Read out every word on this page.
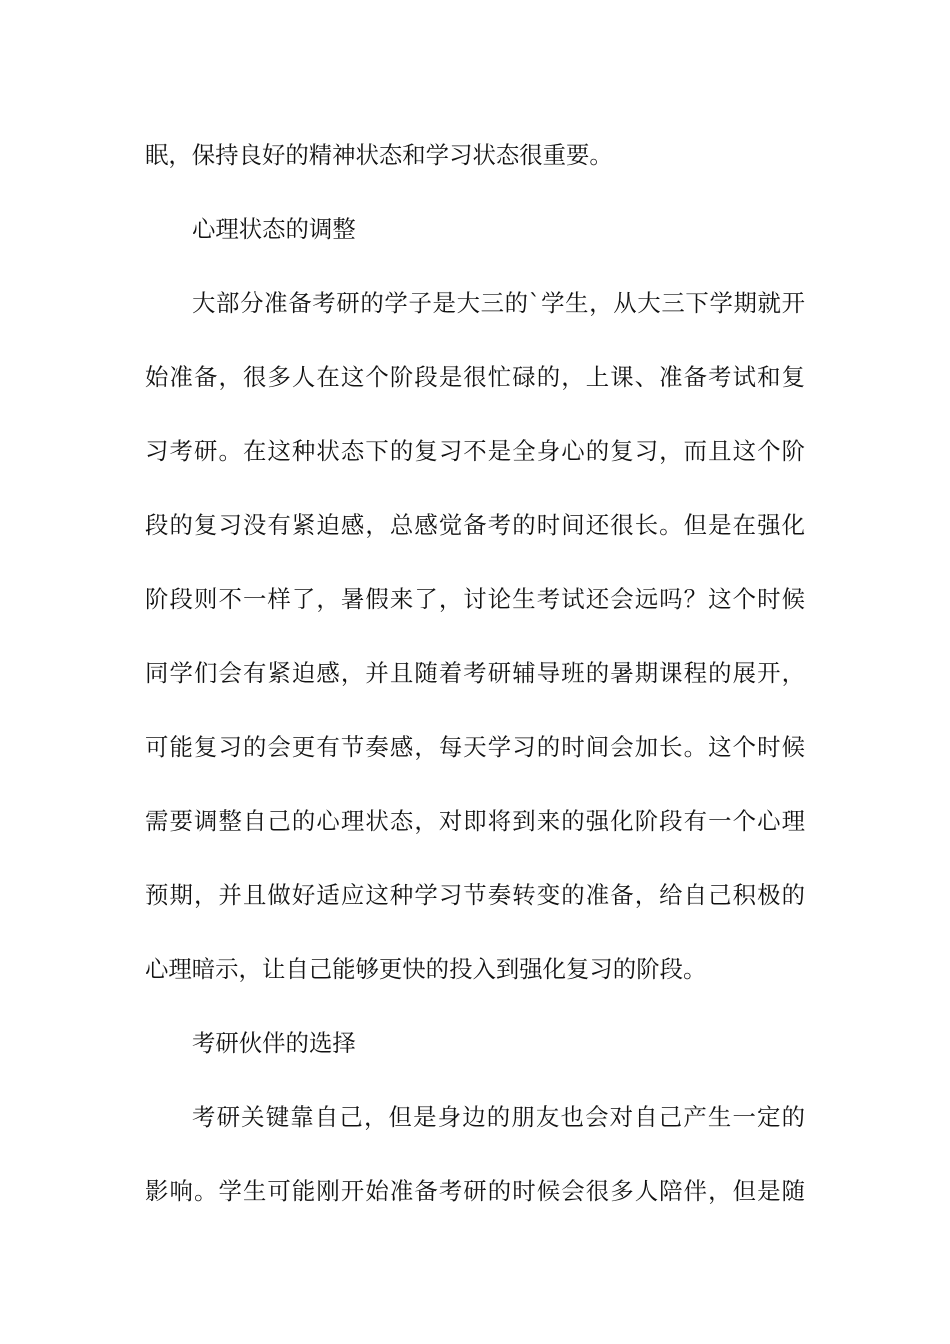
眠，保持良好的精神状态和学习状态很重要。
心理状态的调整
大部分准备考研的学子是大三的`学生，从大三下学期就开
始准备，很多人在这个阶段是很忙碌的，上课、准备考试和复
习考研。在这种状态下的复习不是全身心的复习，而且这个阶
段的复习没有紧迫感，总感觉备考的时间还很长。但是在强化
阶段则不一样了，暑假来了，讨论生考试还会远吗？这个时候
同学们会有紧迫感，并且随着考研辅导班的暑期课程的展开，
可能复习的会更有节奏感，每天学习的时间会加长。这个时候
需要调整自己的心理状态，对即将到来的强化阶段有一个心理
预期，并且做好适应这种学习节奏转变的准备，给自己积极的
心理暗示，让自己能够更快的投入到强化复习的阶段。
考研伙伴的选择
考研关键靠自己，但是身边的朋友也会对自己产生一定的
影响。学生可能刚开始准备考研的时候会很多人陪伴，但是随
